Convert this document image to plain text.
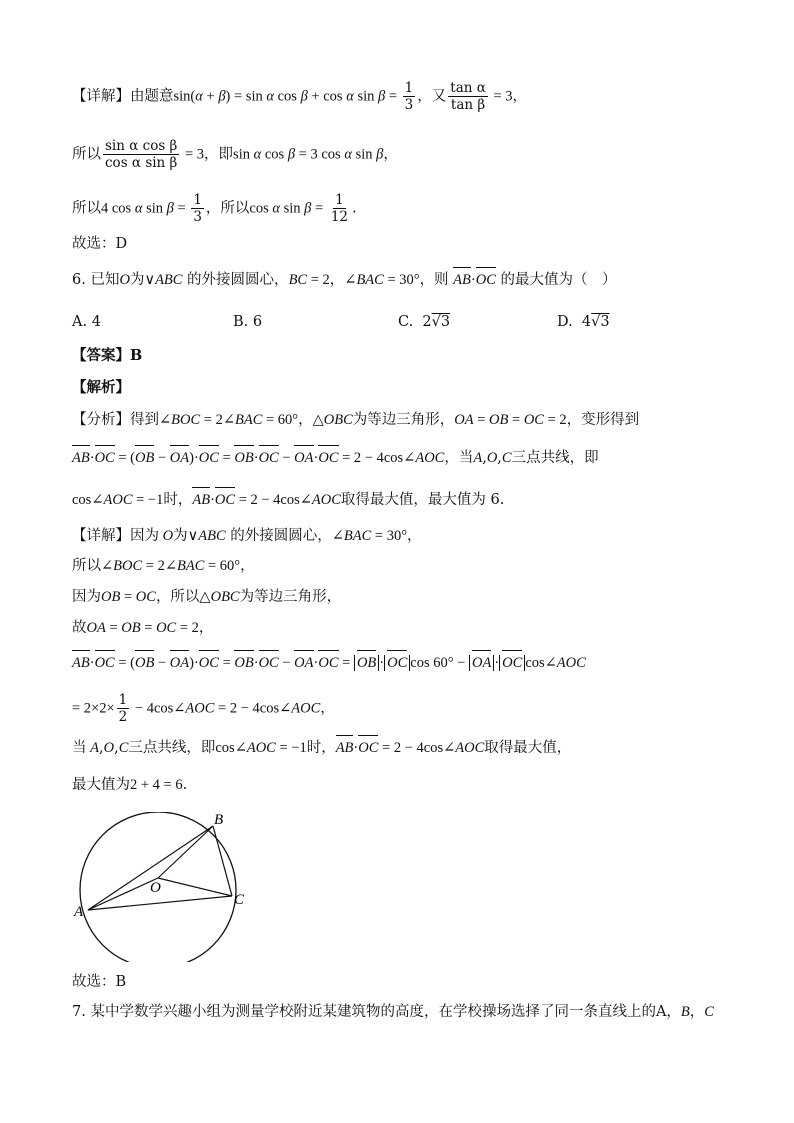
【详解】由题意sin(α + β) = sin α cos β + cos α $\sin \beta = \frac{1}{3}$ ，又 $\frac{\text{tan α}}{\text{tan β}} = 3$，
所以 $\frac{\text{sin α cos β}}{\text{cos α sin β}} = 3$，即sin α cos β = 3 cos α sin β，
所以4 cos α $\sin \beta = \frac{1}{3}$ ，所以cos α $\sin \beta = \frac{1}{12}$ .
故选：D
6. 已知O为∨ABC 的外接圆圆心，BC = 2，∠BAC = 30°，则 AB·OC 的最大值为（　）
A. 4	B. 6	C.  2√3	D.  4√3
【答案】B
【解析】
【分析】得到∠BOC = 2∠BAC = 60°，△OBC为等边三角形，OA = OB = OC = 2，变形得到
AB·OC = (OB − OA)·OC = OB·OC − OA·OC = 2 − 4cos∠AOC，当A,O,C三点共线，即
cos∠AOC = −1时，AB·OC = 2 − 4cos∠AOC取得最大值，最大值为 6.
【详解】因为 O为∨ABC 的外接圆圆心，∠BAC = 30°，
所以∠BOC = 2∠BAC = 60°，
因为OB = OC，所以△OBC为等边三角形，
故OA = OB = OC = 2，
AB·OC = (OB − OA)·OC = OB·OC − OA·OC = OB · OC cos 60° − OA · OC cos∠AOC
= $2\times 2\times \frac{1}{2}$ − 4cos∠AOC = 2 − 4cos∠AOC，
当 A,O,C三点共线，即cos∠AOC = −1时，AB·OC = 2 − 4cos∠AOC取得最大值，
最大值为2 + 4 = 6.
B
A
C
O
故选：B
7. 某中学数学兴趣小组为测量学校附近某建筑物的高度，在学校操场选择了同一条直线上的A，B，C
